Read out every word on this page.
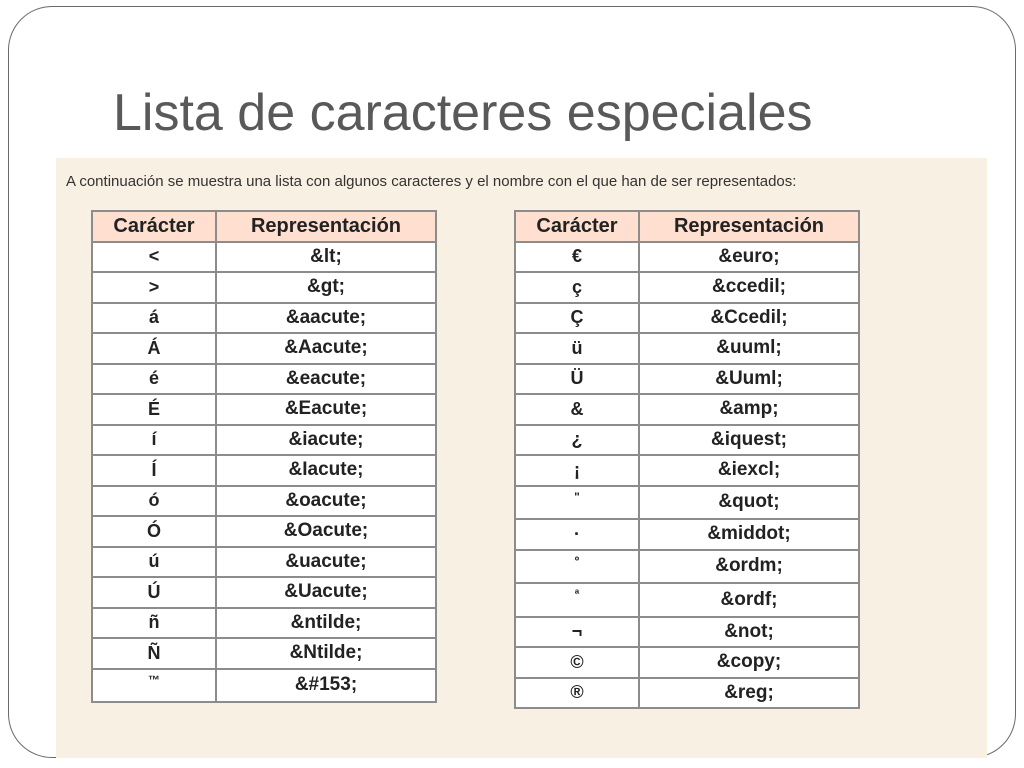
Lista de caracteres especiales

A continuación se muestra una lista con algunos caracteres y el nombre con el que han de ser representados:

Carácter	Representación
<	&lt;
>	&gt;
á	&aacute;
Á	&Aacute;
é	&eacute;
É	&Eacute;
í	&iacute;
Í	&Iacute;
ó	&oacute;
Ó	&Oacute;
ú	&uacute;
Ú	&Uacute;
ñ	&ntilde;
Ñ	&Ntilde;
™	&#153;
Carácter	Representación
€	&euro;
ç	&ccedil;
Ç	&Ccedil;
ü	&uuml;
Ü	&Uuml;
&	&amp;
¿	&iquest;
¡	&iexcl;
"	&quot;
·	&middot;
º	&ordm;
ª	&ordf;
¬	&not;
©	&copy;
®	&reg;
